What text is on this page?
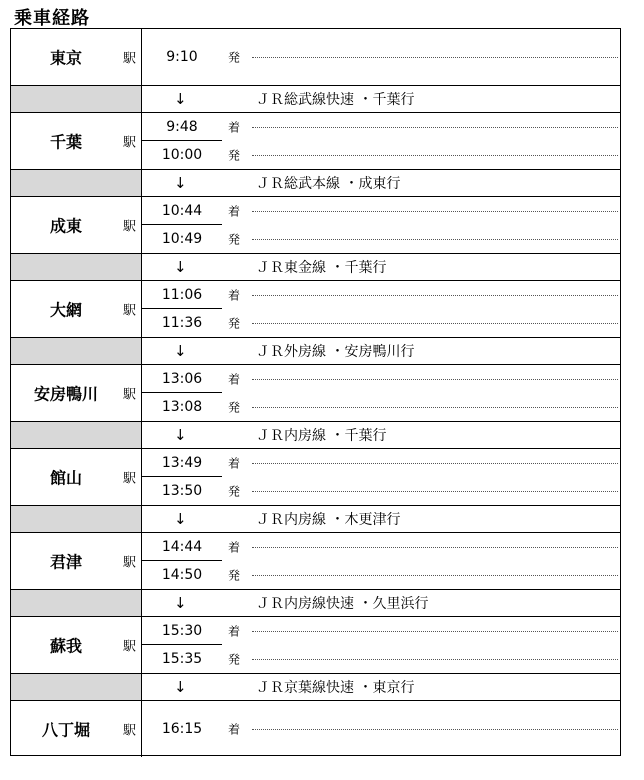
乗車経路
東京	駅	9:10	発
↓	ＪＲ総武線快速 ・千葉行
千葉	駅
9:48	着
10:00	発
↓	ＪＲ総武本線 ・成東行
成東	駅
10:44	着
10:49	発
↓	ＪＲ東金線 ・千葉行
大網	駅
11:06	着
11:36	発
↓	ＪＲ外房線 ・安房鴨川行
安房鴨川	駅
13:06	着
13:08	発
↓	ＪＲ内房線 ・千葉行
館山	駅
13:49	着
13:50	発
↓	ＪＲ内房線 ・木更津行
君津	駅
14:44	着
14:50	発
↓	ＪＲ内房線快速 ・久里浜行
蘇我	駅
15:30	着
15:35	発
↓	ＪＲ京葉線快速 ・東京行
八丁堀	駅	16:15	着
